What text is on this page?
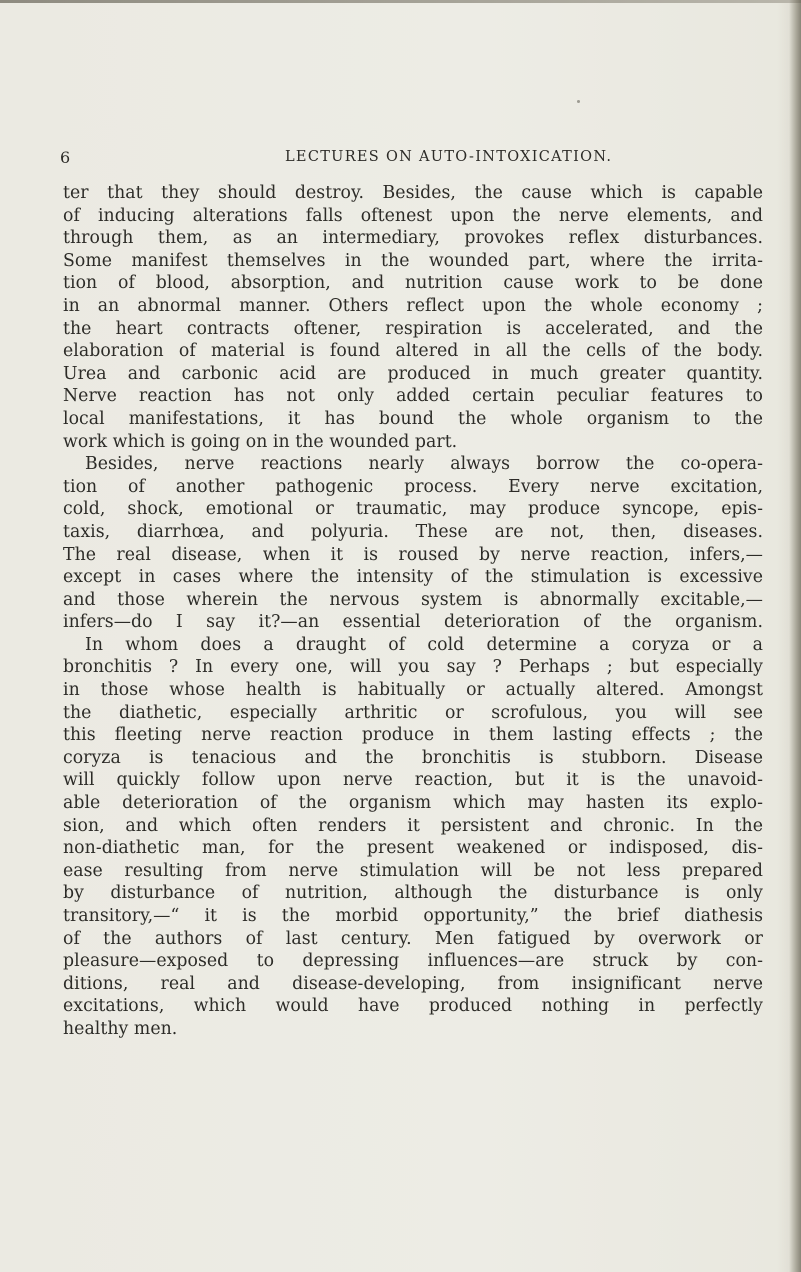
6	LECTURES ON AUTO-INTOXICATION.
ter that they should destroy. Besides, the cause which is capable
of inducing alterations falls oftenest upon the nerve elements, and
through them, as an intermediary, provokes reflex disturbances.
Some manifest themselves in the wounded part, where the irrita-
tion of blood, absorption, and nutrition cause work to be done
in an abnormal manner. Others reflect upon the whole economy ;
the heart contracts oftener, respiration is accelerated, and the
elaboration of material is found altered in all the cells of the body.
Urea and carbonic acid are produced in much greater quantity.
Nerve reaction has not only added certain peculiar features to
local manifestations, it has bound the whole organism to the
work which is going on in the wounded part.
Besides, nerve reactions nearly always borrow the co-opera-
tion of another pathogenic process. Every nerve excitation,
cold, shock, emotional or traumatic, may produce syncope, epis-
taxis, diarrhœa, and polyuria. These are not, then, diseases.
The real disease, when it is roused by nerve reaction, infers,—
except in cases where the intensity of the stimulation is excessive
and those wherein the nervous system is abnormally excitable,—
infers—do I say it?—an essential deterioration of the organism.
In whom does a draught of cold determine a coryza or a
bronchitis ? In every one, will you say ? Perhaps ; but especially
in those whose health is habitually or actually altered. Amongst
the diathetic, especially arthritic or scrofulous, you will see
this fleeting nerve reaction produce in them lasting effects ; the
coryza is tenacious and the bronchitis is stubborn. Disease
will quickly follow upon nerve reaction, but it is the unavoid-
able deterioration of the organism which may hasten its explo-
sion, and which often renders it persistent and chronic. In the
non-diathetic man, for the present weakened or indisposed, dis-
ease resulting from nerve stimulation will be not less prepared
by disturbance of nutrition, although the disturbance is only
transitory,—“ it is the morbid opportunity,” the brief diathesis
of the authors of last century. Men fatigued by overwork or
pleasure—exposed to depressing influences—are struck by con-
ditions, real and disease-developing, from insignificant nerve
excitations, which would have produced nothing in perfectly
healthy men.
